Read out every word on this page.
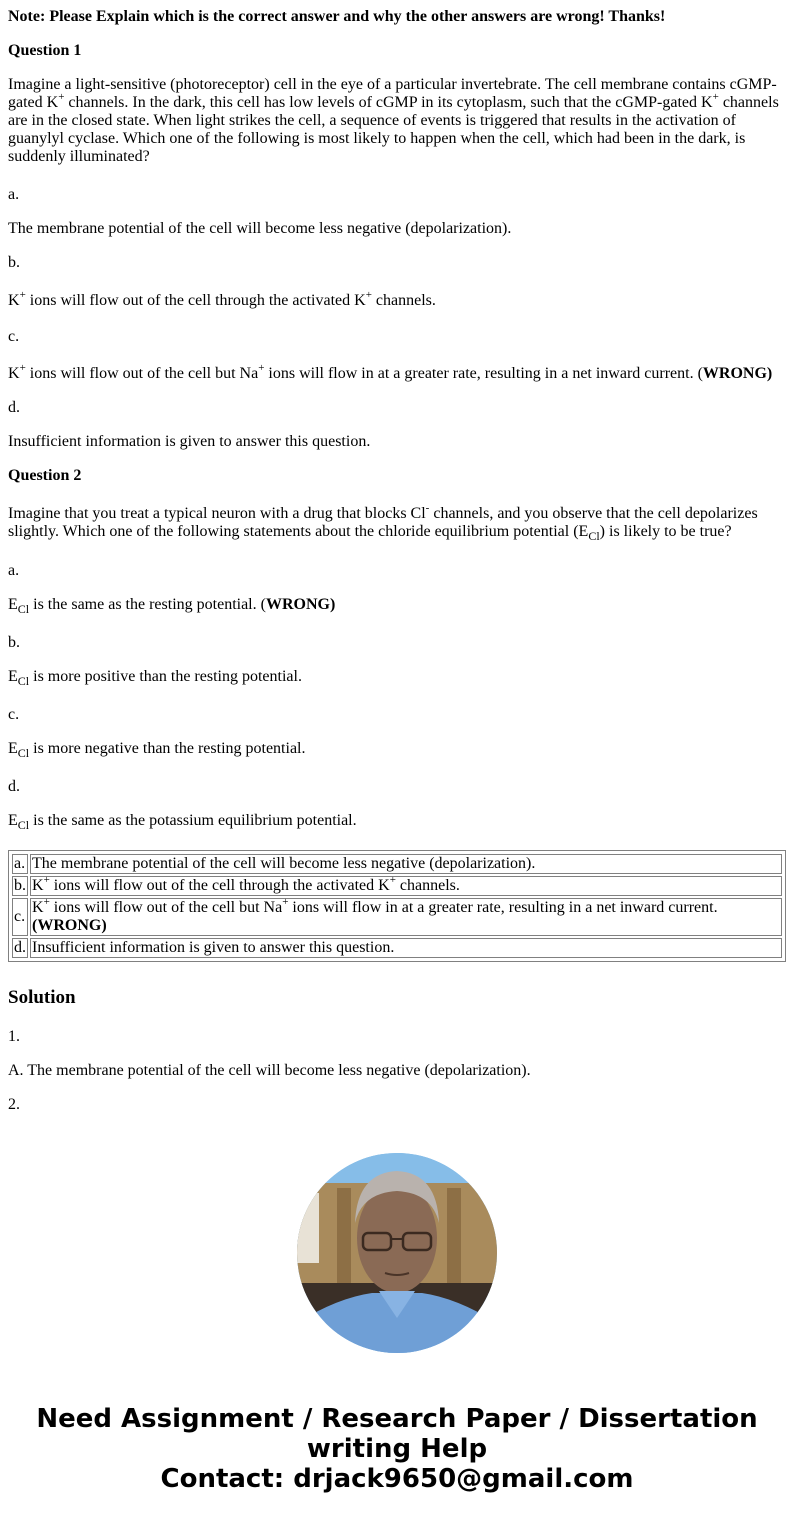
Note: Please Explain which is the correct answer and why the other answers are wrong! Thanks!

Question 1

Imagine a light-sensitive (photoreceptor) cell in the eye of a particular invertebrate. The cell membrane contains cGMP-gated K+ channels. In the dark, this cell has low levels of cGMP in its cytoplasm, such that the cGMP-gated K+ channels are in the closed state. When light strikes the cell, a sequence of events is triggered that results in the activation of guanylyl cyclase. Which one of the following is most likely to happen when the cell, which had been in the dark, is suddenly illuminated?

a.

The membrane potential of the cell will become less negative (depolarization).

b.

K+ ions will flow out of the cell through the activated K+ channels.

c.

K+ ions will flow out of the cell but Na+ ions will flow in at a greater rate, resulting in a net inward current. (WRONG)

d.

Insufficient information is given to answer this question.

Question 2

Imagine that you treat a typical neuron with a drug that blocks Cl- channels, and you observe that the cell depolarizes slightly. Which one of the following statements about the chloride equilibrium potential $(E_{Cl})$ is likely to be true?

a.

$E_{Cl}$ is the same as the resting potential. (WRONG)

b.

$E_{Cl}$ is more positive than the resting potential.

c.

$E_{Cl}$ is more negative than the resting potential.

d.

$E_{Cl}$ is the same as the potassium equilibrium potential.

a.	The membrane potential of the cell will become less negative (depolarization).
b.	K+ ions will flow out of the cell through the activated K+ channels.
c.	K+ ions will flow out of the cell but Na+ ions will flow in at a greater rate, resulting in a net inward current.
(WRONG)
d.	Insufficient information is given to answer this question.
Solution

1.

A. The membrane potential of the cell will become less negative (depolarization).

2.

Need Assignment / Research Paper / Dissertation
writing Help
Contact: drjack9650@gmail.com
